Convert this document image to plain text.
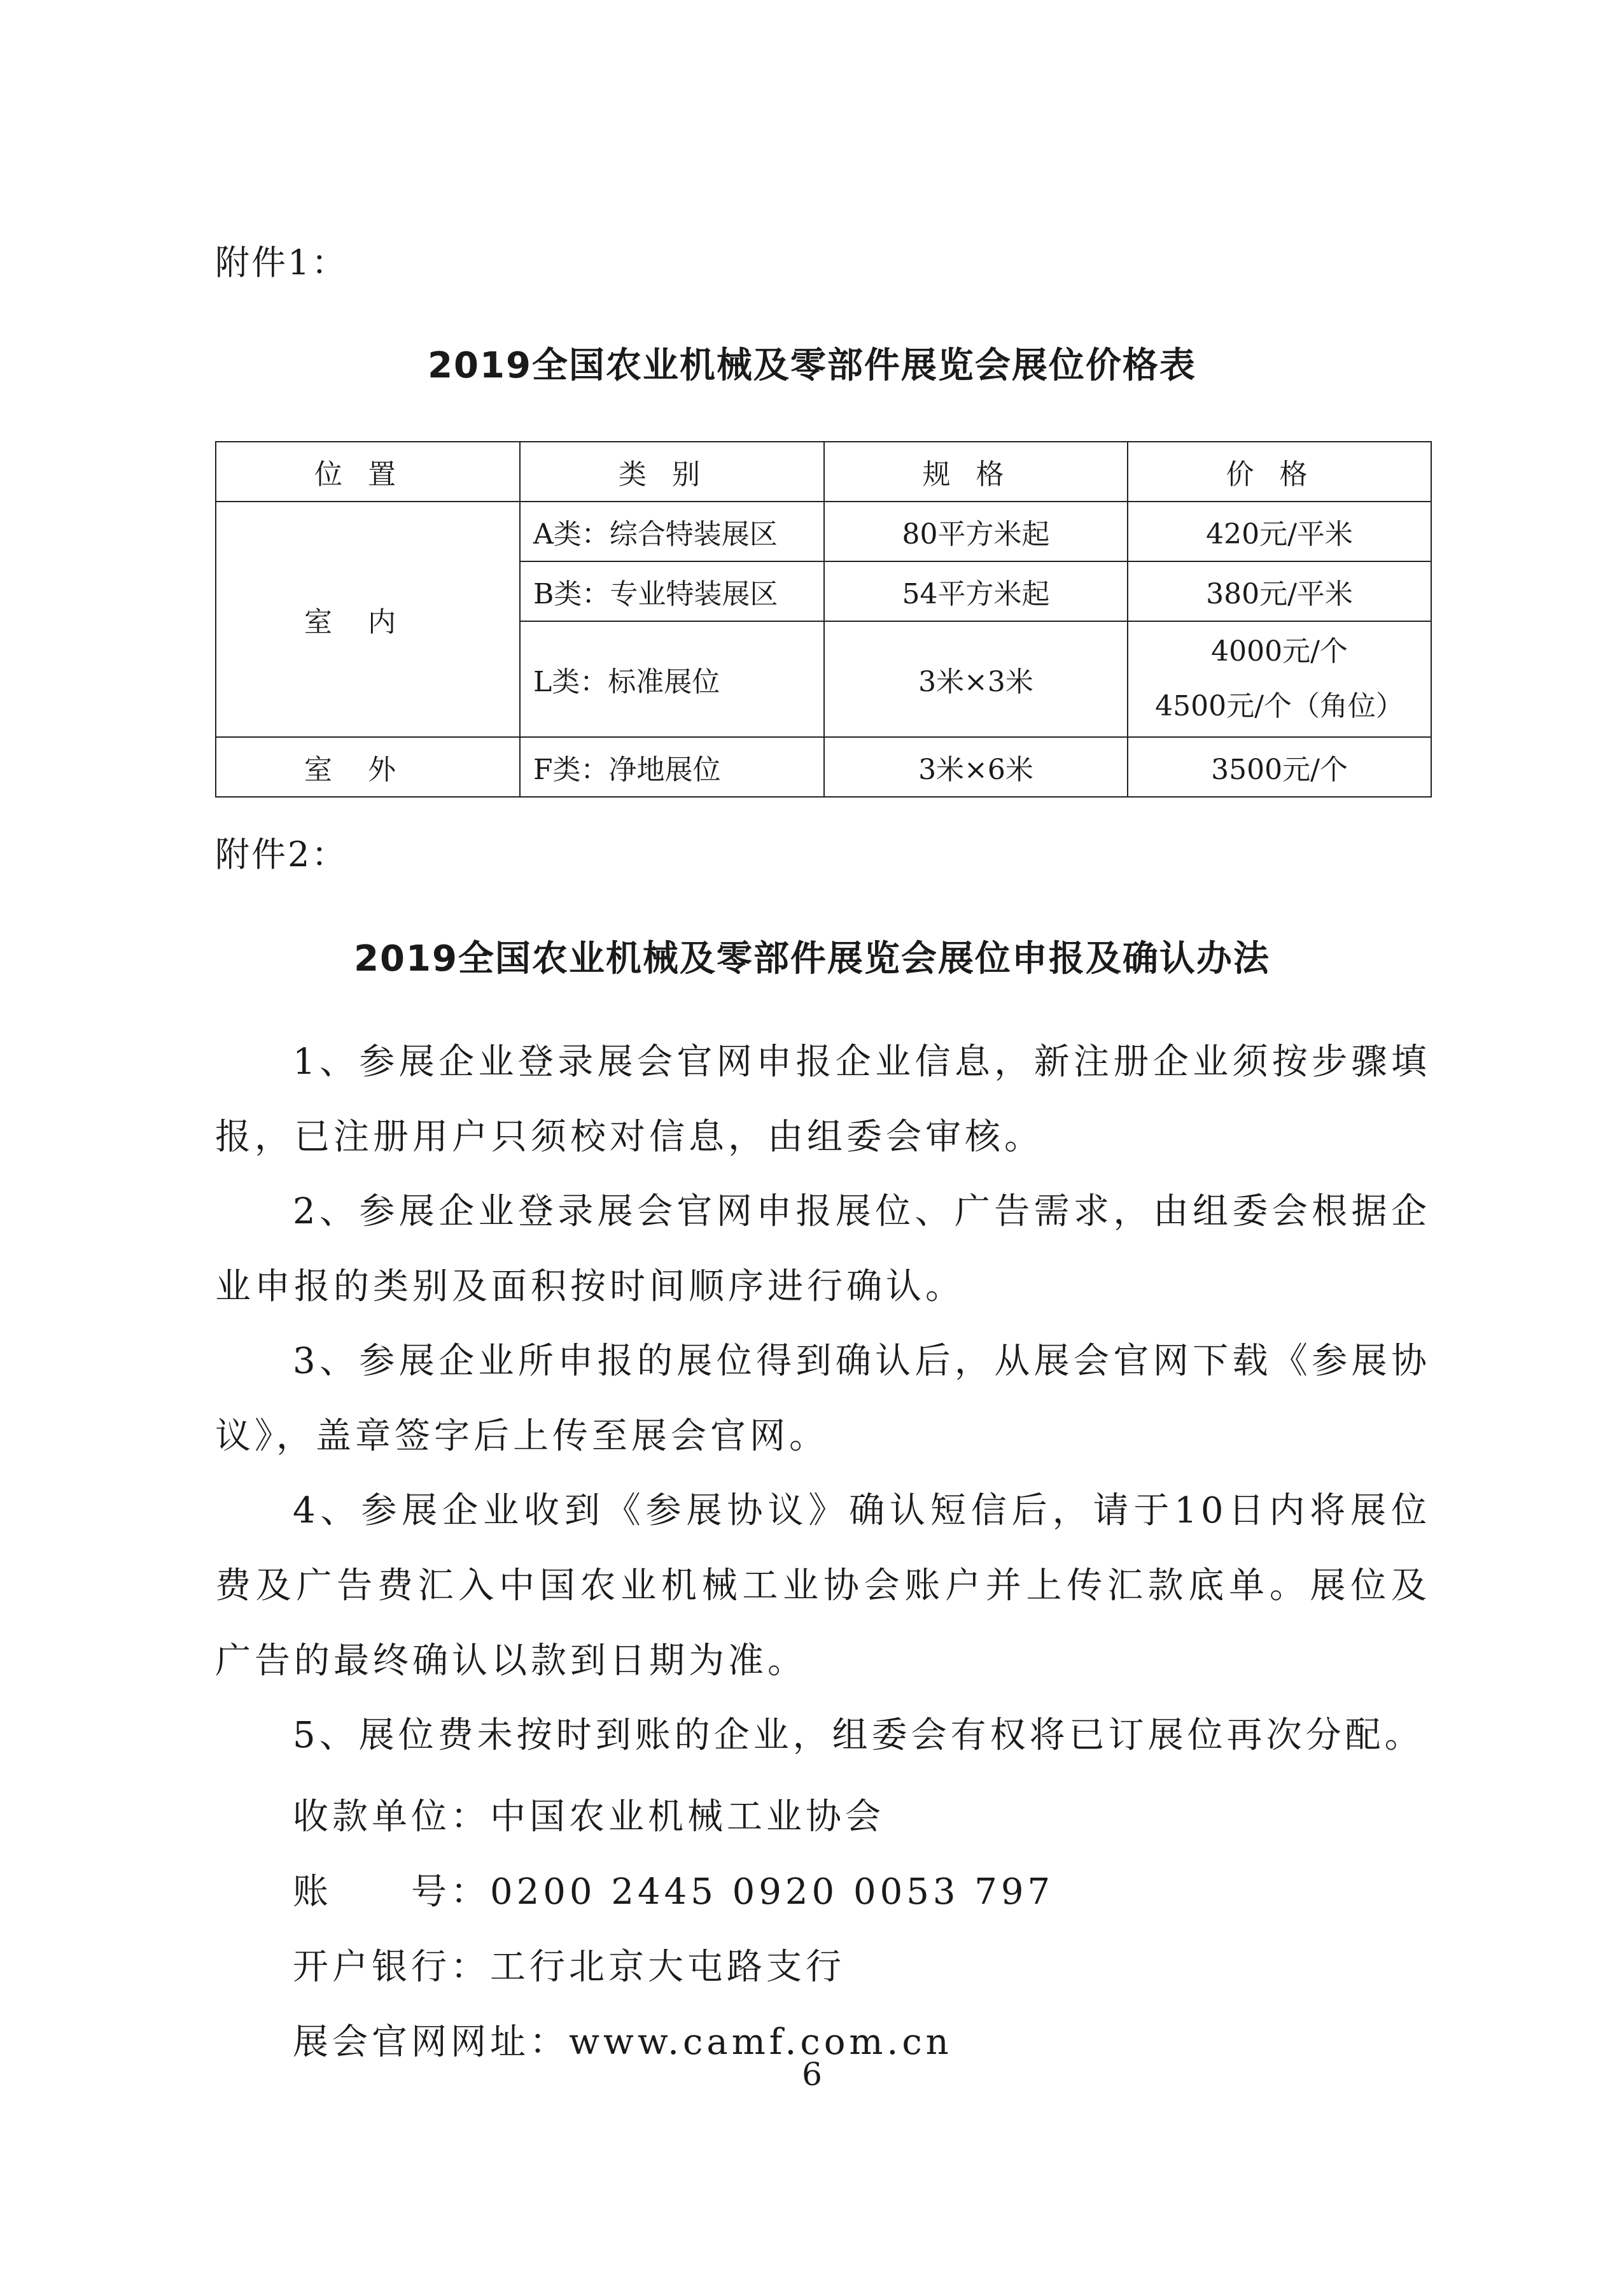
附件1：
2019全国农业机械及零部件展览会展位价格表
位置	类别	规格	价格
室内	A类：综合特装展区	80平方米起	420元/平米
	B类：专业特装展区	54平方米起	380元/平米
	L类：标准展位	3米×3米	4000元/个
4500元/个（角位）

室外	F类：净地展位	3米×6米	3500元/个
附件2：
2019全国农业机械及零部件展览会展位申报及确认办法
1、参展企业登录展会官网申报企业信息，新注册企业须按步骤填报，已注册用户只须校对信息，由组委会审核。
2、参展企业登录展会官网申报展位、广告需求，由组委会根据企业申报的类别及面积按时间顺序进行确认。
3、参展企业所申报的展位得到确认后，从展会官网下载《参展协议》，盖章签字后上传至展会官网。
4、参展企业收到《参展协议》确认短信后，请于10日内将展位费及广告费汇入中国农业机械工业协会账户并上传汇款底单。展位及广告的最终确认以款到日期为准。
5、展位费未按时到账的企业，组委会有权将已订展位再次分配。
收款单位：中国农业机械工业协会
账　　号：0200 2445 0920 0053 797
开户银行：工行北京大屯路支行
展会官网网址：www.camf.com.cn
6
